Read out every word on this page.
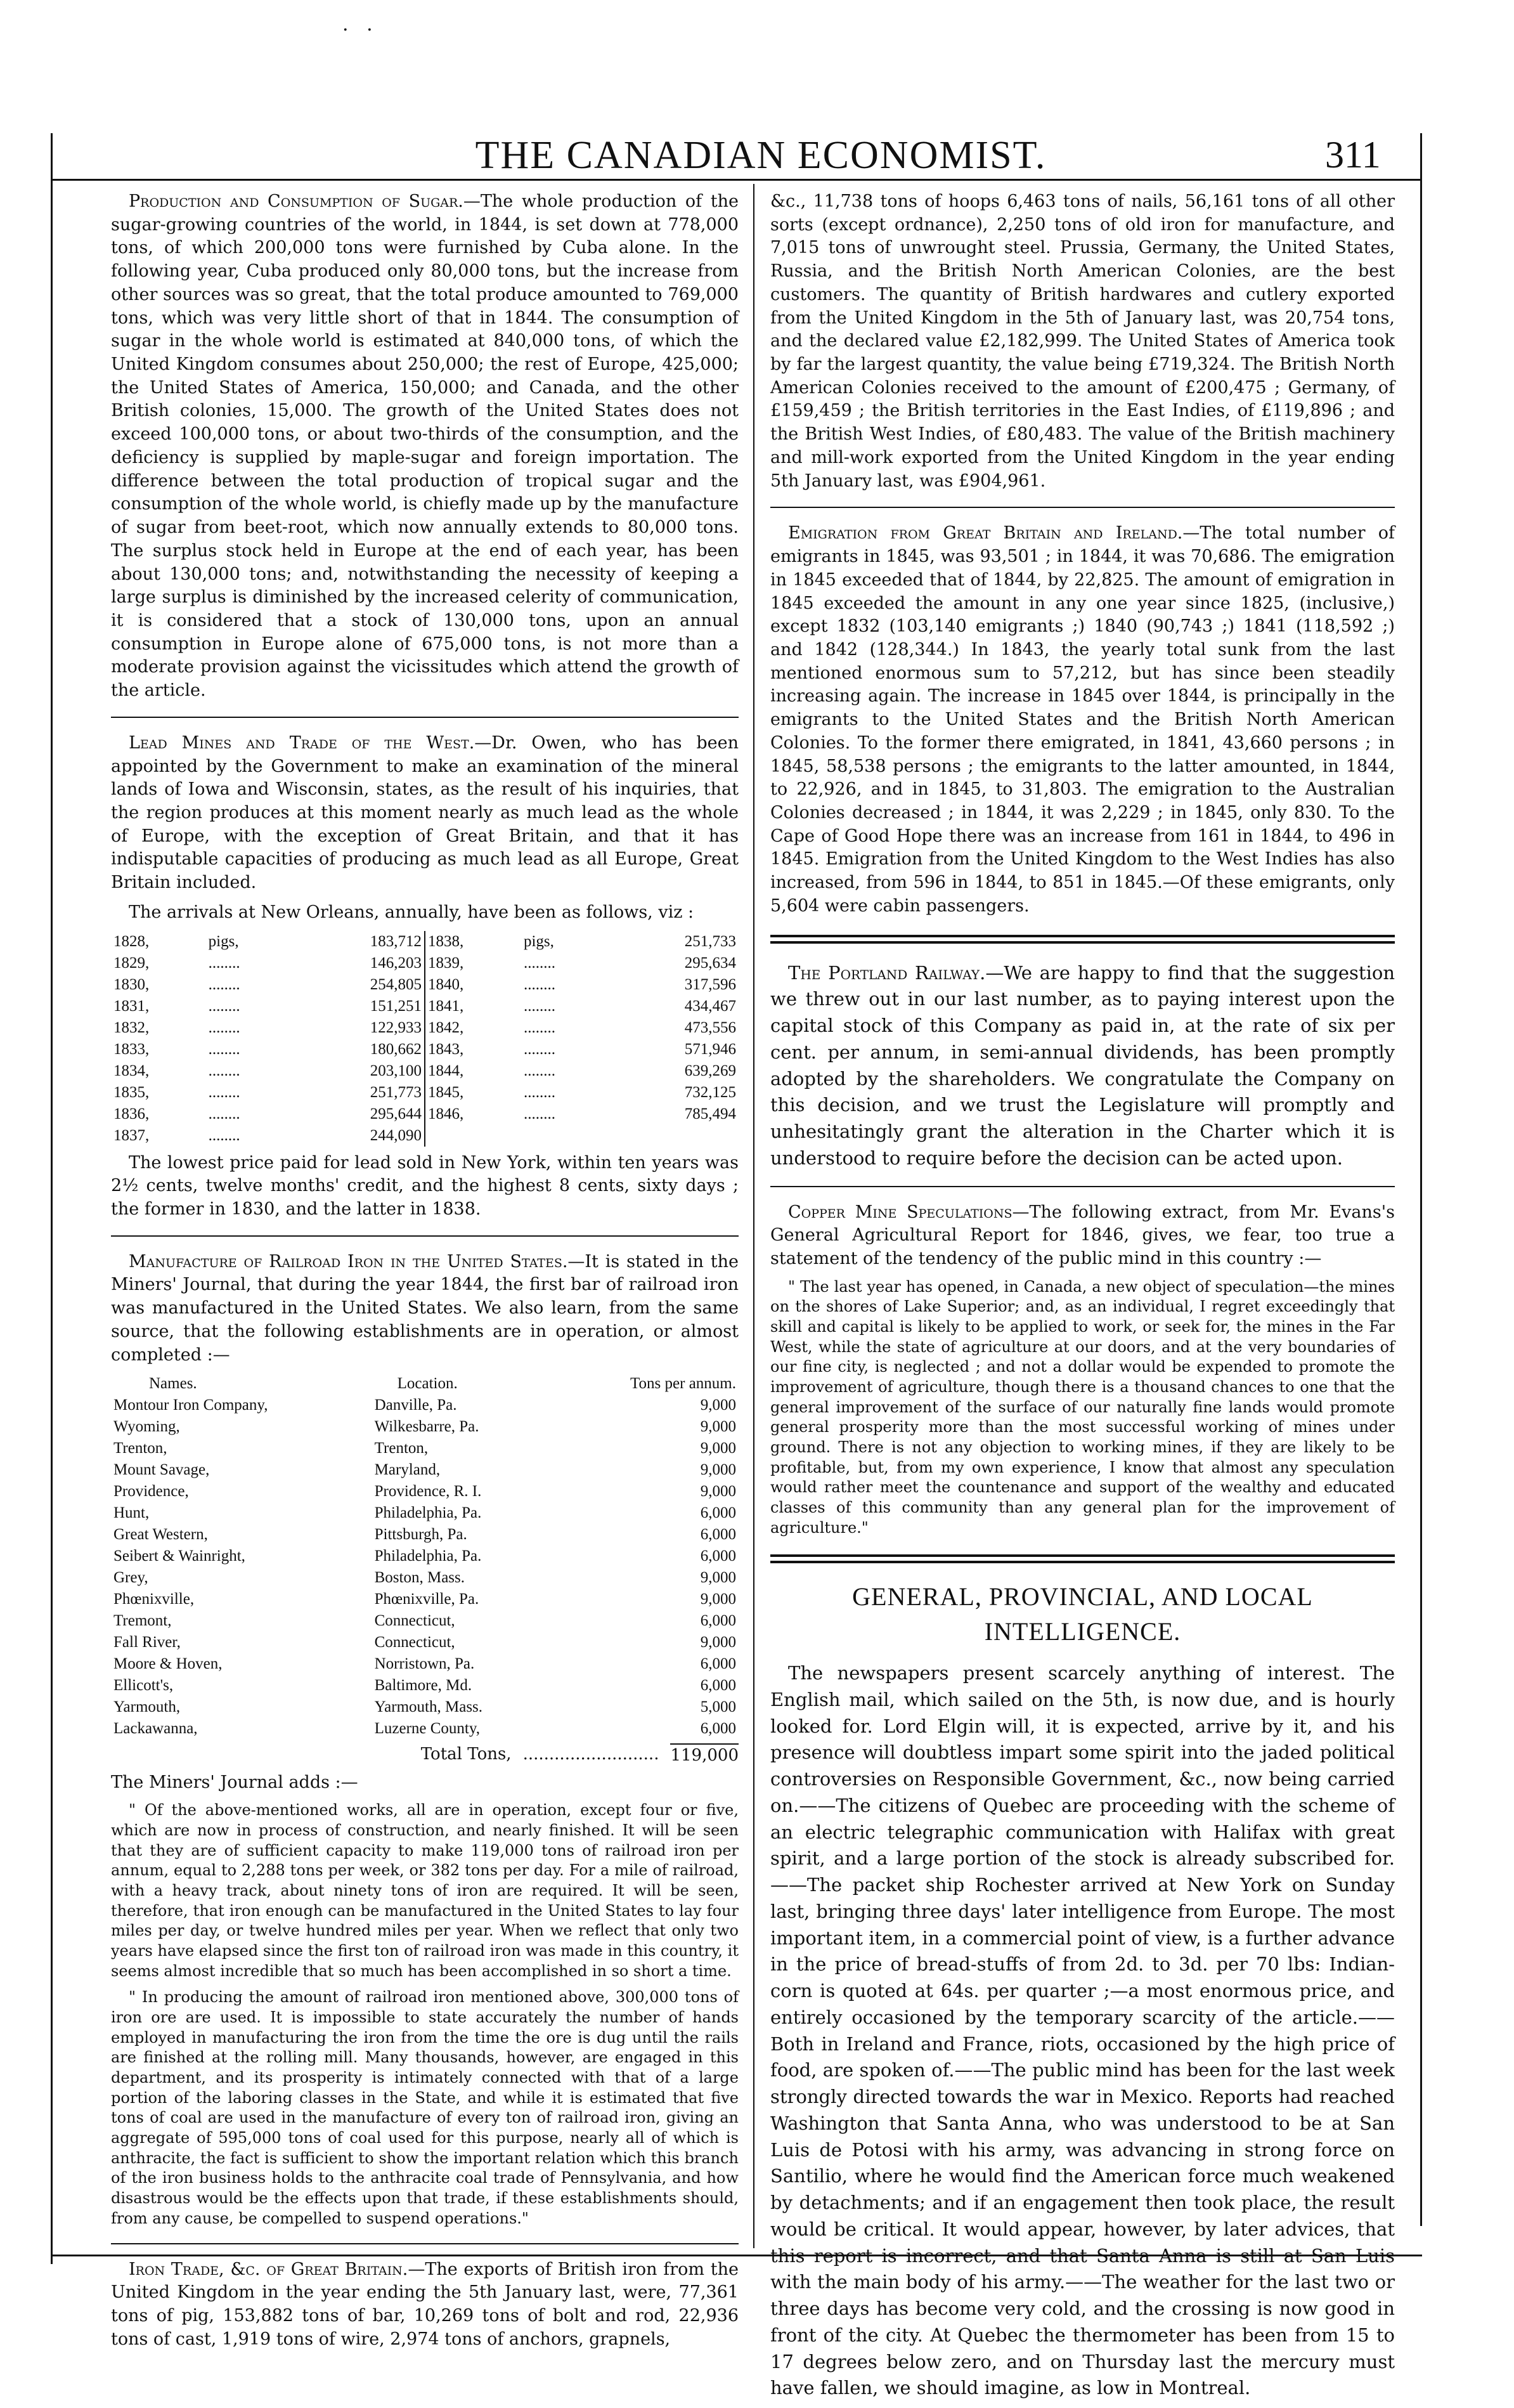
·   ·
THE CANADIAN ECONOMIST.	311

Production and Consumption of Sugar.—The whole production of the sugar-growing countries of the world, in 1844, is set down at 778,000 tons, of which 200,000 tons were furnished by Cuba alone. In the following year, Cuba produced only 80,000 tons, but the increase from other sources was so great, that the total produce amounted to 769,000 tons, which was very little short of that in 1844. The consumption of sugar in the whole world is estimated at 840,000 tons, of which the United Kingdom consumes about 250,000; the rest of Europe, 425,000; the United States of America, 150,000; and Canada, and the other British colonies, 15,000. The growth of the United States does not exceed 100,000 tons, or about two-thirds of the consumption, and the deficiency is supplied by maple-sugar and foreign importation. The difference between the total production of tropical sugar and the consumption of the whole world, is chiefly made up by the manufacture of sugar from beet-root, which now annually extends to 80,000 tons. The surplus stock held in Europe at the end of each year, has been about 130,000 tons; and, notwithstanding the necessity of keeping a large surplus is diminished by the increased celerity of communication, it is considered that a stock of 130,000 tons, upon an annual consumption in Europe alone of 675,000 tons, is not more than a moderate provision against the vicissitudes which attend the growth of the article.

Lead Mines and Trade of the West.—Dr. Owen, who has been appointed by the Government to make an examination of the mineral lands of Iowa and Wisconsin, states, as the result of his inquiries, that the region produces at this moment nearly as much lead as the whole of Europe, with the exception of Great Britain, and that it has indisputable capacities of producing as much lead as all Europe, Great Britain included.

The arrivals at New Orleans, annually, have been as follows, viz :

1828,	pigs,	183,712	1838,	pigs,	251,733
1829,	........	146,203	1839,	........	295,634
1830,	........	254,805	1840,	........	317,596
1831,	........	151,251	1841,	........	434,467
1832,	........	122,933	1842,	........	473,556
1833,	........	180,662	1843,	........	571,946
1834,	........	203,100	1844,	........	639,269
1835,	........	251,773	1845,	........	732,125
1836,	........	295,644	1846,	........	785,494
1837,	........	244,090			

The lowest price paid for lead sold in New York, within ten years was 2½ cents, twelve months' credit, and the highest 8 cents, sixty days ; the former in 1830, and the latter in 1838.

Manufacture of Railroad Iron in the United States.—It is stated in the Miners' Journal, that during the year 1844, the first bar of railroad iron was manufactured in the United States. We also learn, from the same source, that the following establishments are in operation, or almost completed :—

Names.	Location.	Tons per annum.
Montour Iron Company,	Danville, Pa.	9,000
Wyoming,	Wilkesbarre, Pa.	9,000
Trenton,	Trenton,	9,000
Mount Savage,	Maryland,	9,000
Providence,	Providence, R. I.	9,000
Hunt,	Philadelphia, Pa.	6,000
Great Western,	Pittsburgh, Pa.	6,000
Seibert & Wainright,	Philadelphia, Pa.	6,000
Grey,	Boston, Mass.	9,000
Phœnixville,	Phœnixville, Pa.	9,000
Tremont,	Connecticut,	6,000
Fall River,	Connecticut,	9,000
Moore & Hoven,	Norristown, Pa.	6,000
Ellicott's,	Baltimore, Md.	6,000
Yarmouth,	Yarmouth, Mass.	5,000
Lackawanna,	Luzerne County,	6,000
Total Tons, .......................... 119,000

The Miners' Journal adds :—

" Of the above-mentioned works, all are in operation, except four or five, which are now in process of construction, and nearly finished. It will be seen that they are of sufficient capacity to make 119,000 tons of railroad iron per annum, equal to 2,288 tons per week, or 382 tons per day. For a mile of railroad, with a heavy track, about ninety tons of iron are required. It will be seen, therefore, that iron enough can be manufactured in the United States to lay four miles per day, or twelve hundred miles per year. When we reflect that only two years have elapsed since the first ton of railroad iron was made in this country, it seems almost incredible that so much has been accomplished in so short a time.

" In producing the amount of railroad iron mentioned above, 300,000 tons of iron ore are used. It is impossible to state accurately the number of hands employed in manufacturing the iron from the time the ore is dug until the rails are finished at the rolling mill. Many thousands, however, are engaged in this department, and its prosperity is intimately connected with that of a large portion of the laboring classes in the State, and while it is estimated that five tons of coal are used in the manufacture of every ton of railroad iron, giving an aggregate of 595,000 tons of coal used for this purpose, nearly all of which is anthracite, the fact is sufficient to show the important relation which this branch of the iron business holds to the anthracite coal trade of Pennsylvania, and how disastrous would be the effects upon that trade, if these establishments should, from any cause, be compelled to suspend operations."

Iron Trade, &c. of Great Britain.—The exports of British iron from the United Kingdom in the year ending the 5th January last, were, 77,361 tons of pig, 153,882 tons of bar, 10,269 tons of bolt and rod, 22,936 tons of cast, 1,919 tons of wire, 2,974 tons of anchors, grapnels,

&c., 11,738 tons of hoops 6,463 tons of nails, 56,161 tons of all other sorts (except ordnance), 2,250 tons of old iron for manufacture, and 7,015 tons of unwrought steel. Prussia, Germany, the United States, Russia, and the British North American Colonies, are the best customers. The quantity of British hardwares and cutlery exported from the United Kingdom in the 5th of January last, was 20,754 tons, and the declared value £2,182,999. The United States of America took by far the largest quantity, the value being £719,324. The British North American Colonies received to the amount of £200,475 ; Germany, of £159,459 ; the British territories in the East Indies, of £119,896 ; and the British West Indies, of £80,483. The value of the British machinery and mill-work exported from the United Kingdom in the year ending 5th January last, was £904,961.

Emigration from Great Britain and Ireland.—The total number of emigrants in 1845, was 93,501 ; in 1844, it was 70,686. The emigration in 1845 exceeded that of 1844, by 22,825. The amount of emigration in 1845 exceeded the amount in any one year since 1825, (inclusive,) except 1832 (103,140 emigrants ;) 1840 (90,743 ;) 1841 (118,592 ;) and 1842 (128,344.) In 1843, the yearly total sunk from the last mentioned enormous sum to 57,212, but has since been steadily increasing again. The increase in 1845 over 1844, is principally in the emigrants to the United States and the British North American Colonies. To the former there emigrated, in 1841, 43,660 persons ; in 1845, 58,538 persons ; the emigrants to the latter amounted, in 1844, to 22,926, and in 1845, to 31,803. The emigration to the Australian Colonies decreased ; in 1844, it was 2,229 ; in 1845, only 830. To the Cape of Good Hope there was an increase from 161 in 1844, to 496 in 1845. Emigration from the United Kingdom to the West Indies has also increased, from 596 in 1844, to 851 in 1845.—Of these emigrants, only 5,604 were cabin passengers.

The Portland Railway.—We are happy to find that the suggestion we threw out in our last number, as to paying interest upon the capital stock of this Company as paid in, at the rate of six per cent. per annum, in semi-annual dividends, has been promptly adopted by the shareholders. We congratulate the Company on this decision, and we trust the Legislature will promptly and unhesitatingly grant the alteration in the Charter which it is understood to require before the decision can be acted upon.

Copper Mine Speculations—The following extract, from Mr. Evans's General Agricultural Report for 1846, gives, we fear, too true a statement of the tendency of the public mind in this country :—

" The last year has opened, in Canada, a new object of speculation—the mines on the shores of Lake Superior; and, as an individual, I regret exceedingly that skill and capital is likely to be applied to work, or seek for, the mines in the Far West, while the state of agriculture at our doors, and at the very boundaries of our fine city, is neglected ; and not a dollar would be expended to promote the improvement of agriculture, though there is a thousand chances to one that the general improvement of the surface of our naturally fine lands would promote general prosperity more than the most successful working of mines under ground. There is not any objection to working mines, if they are likely to be profitable, but, from my own experience, I know that almost any speculation would rather meet the countenance and support of the wealthy and educated classes of this community than any general plan for the improvement of agriculture."

GENERAL, PROVINCIAL, AND LOCAL INTELLIGENCE.

The newspapers present scarcely anything of interest. The English mail, which sailed on the 5th, is now due, and is hourly looked for. Lord Elgin will, it is expected, arrive by it, and his presence will doubtless impart some spirit into the jaded political controversies on Responsible Government, &c., now being carried on.——The citizens of Quebec are proceeding with the scheme of an electric telegraphic communication with Halifax with great spirit, and a large portion of the stock is already subscribed for.——The packet ship Rochester arrived at New York on Sunday last, bringing three days' later intelligence from Europe. The most important item, in a commercial point of view, is a further advance in the price of bread-stuffs of from 2d. to 3d. per 70 lbs: Indian-corn is quoted at 64s. per quarter ;—a most enormous price, and entirely occasioned by the temporary scarcity of the article.——Both in Ireland and France, riots, occasioned by the high price of food, are spoken of.——The public mind has been for the last week strongly directed towards the war in Mexico. Reports had reached Washington that Santa Anna, who was understood to be at San Luis de Potosi with his army, was advancing in strong force on Santilio, where he would find the American force much weakened by detachments; and if an engagement then took place, the result would be critical. It would appear, however, by later advices, that this report is incorrect, and that Santa Anna is still at San Luis with the main body of his army.——The weather for the last two or three days has become very cold, and the crossing is now good in front of the city. At Quebec the thermometer has been from 15 to 17 degrees below zero, and on Thursday last the mercury must have fallen, we should imagine, as low in Montreal.
